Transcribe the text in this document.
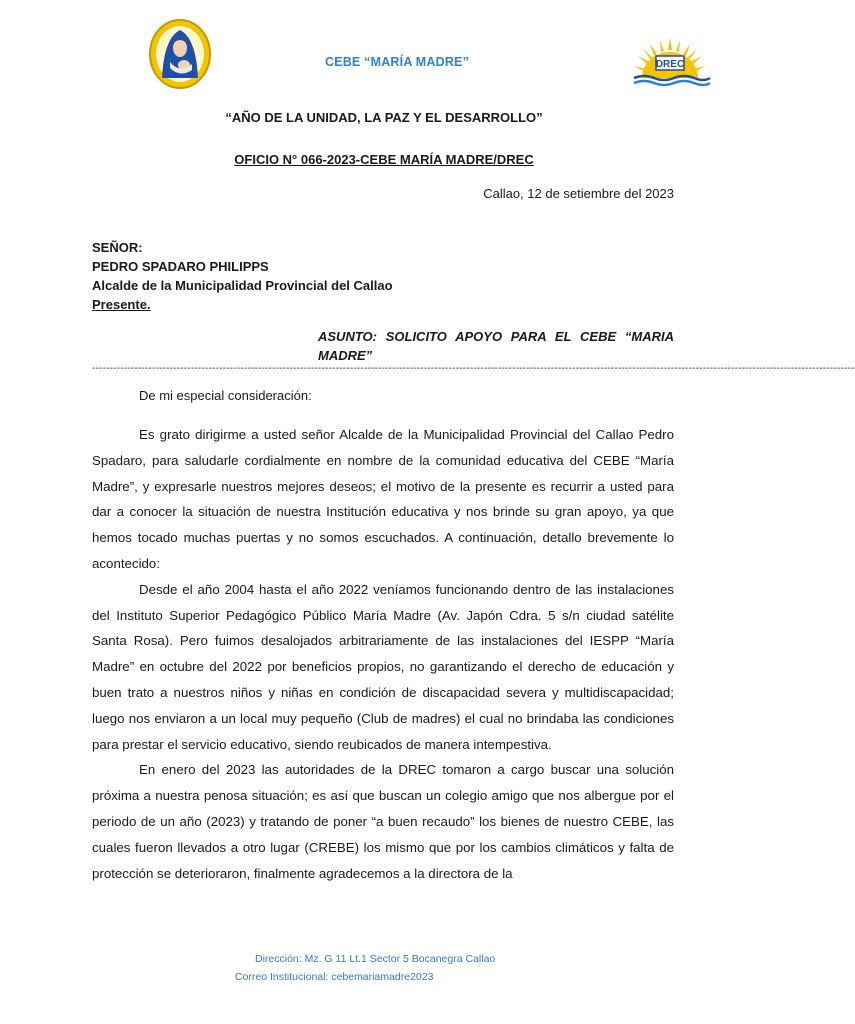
DREC
CEBE “MARÍA MADRE”
“AÑO DE LA UNIDAD, LA PAZ Y EL DESARROLLO”
OFICIO N° 066-2023-CEBE MARÍA MADRE/DREC
Callao, 12 de setiembre del 2023
SEÑOR:
PEDRO SPADARO PHILIPPS
Alcalde de la Municipalidad Provincial del Callao
Presente.
ASUNTO: SOLICITO APOYO PARA EL CEBE “MARIA MADRE”
------------------------------------------------------------------------------------------------------------------------------------------------------------------------------------------------------------------------
De mi especial consideración:

Es grato dirigirme a usted señor Alcalde de la Municipalidad Provincial del Callao Pedro Spadaro, para saludarle cordialmente en nombre de la comunidad educativa del CEBE “María Madre”, y expresarle nuestros mejores deseos; el motivo de la presente es recurrir a usted para dar a conocer la situación de nuestra Institución educativa y nos brinde su gran apoyo, ya que hemos tocado muchas puertas y no somos escuchados. A continuación, detallo brevemente lo acontecido:

Desde el año 2004 hasta el año 2022 veníamos funcionando dentro de las instalaciones del Instituto Superior Pedagógico Público María Madre (Av. Japón Cdra. 5 s/n ciudad satélite Santa Rosa). Pero fuimos desalojados arbitrariamente de las instalaciones del IESPP “María Madre” en octubre del 2022 por beneficios propios, no garantizando el derecho de educación y buen trato a nuestros niños y niñas en condición de discapacidad severa y multidiscapacidad; luego nos enviaron a un local muy pequeño (Club de madres) el cual no brindaba las condiciones para prestar el servicio educativo, siendo reubicados de manera intempestiva.

En enero del 2023 las autoridades de la DREC tomaron a cargo buscar una solución próxima a nuestra penosa situación; es así que buscan un colegio amigo que nos albergue por el periodo de un año (2023) y tratando de poner “a buen recaudo” los bienes de nuestro CEBE, las cuales fueron llevados a otro lugar (CREBE) los mismo que por los cambios climáticos y falta de protección se deterioraron, finalmente agradecemos a la directora de la

Dirección: Mz. G 11 Lt.1 Sector 5 Bocanegra Callao
Correo Institucional: cebemariamadre2023
